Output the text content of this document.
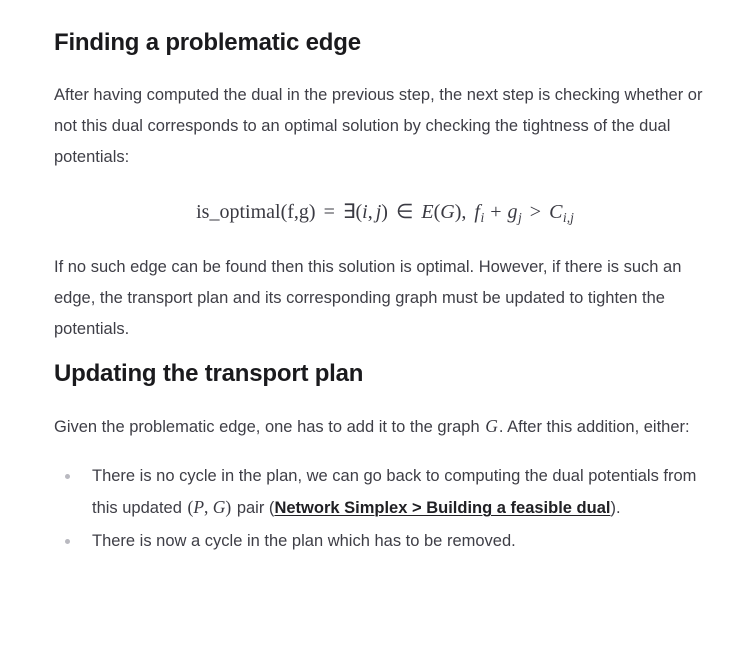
Finding a problematic edge

After having computed the dual in the previous step, the next step is checking whether or not this dual corresponds to an optimal solution by checking the tightness of the dual potentials:

is_optimal(f,g) = ∃(i, j) ∈ E(G), fi + gj > Ci,j

If no such edge can be found then this solution is optimal. However, if there is such an edge, the transport plan and its corresponding graph must be updated to tighten the potentials.

Updating the transport plan

Given the problematic edge, one has to add it to the graph G. After this addition, either:

There is no cycle in the plan, we can go back to computing the dual potentials from this updated (P, G) pair (Network Simplex > Building a feasible dual).
There is now a cycle in the plan which has to be removed.
